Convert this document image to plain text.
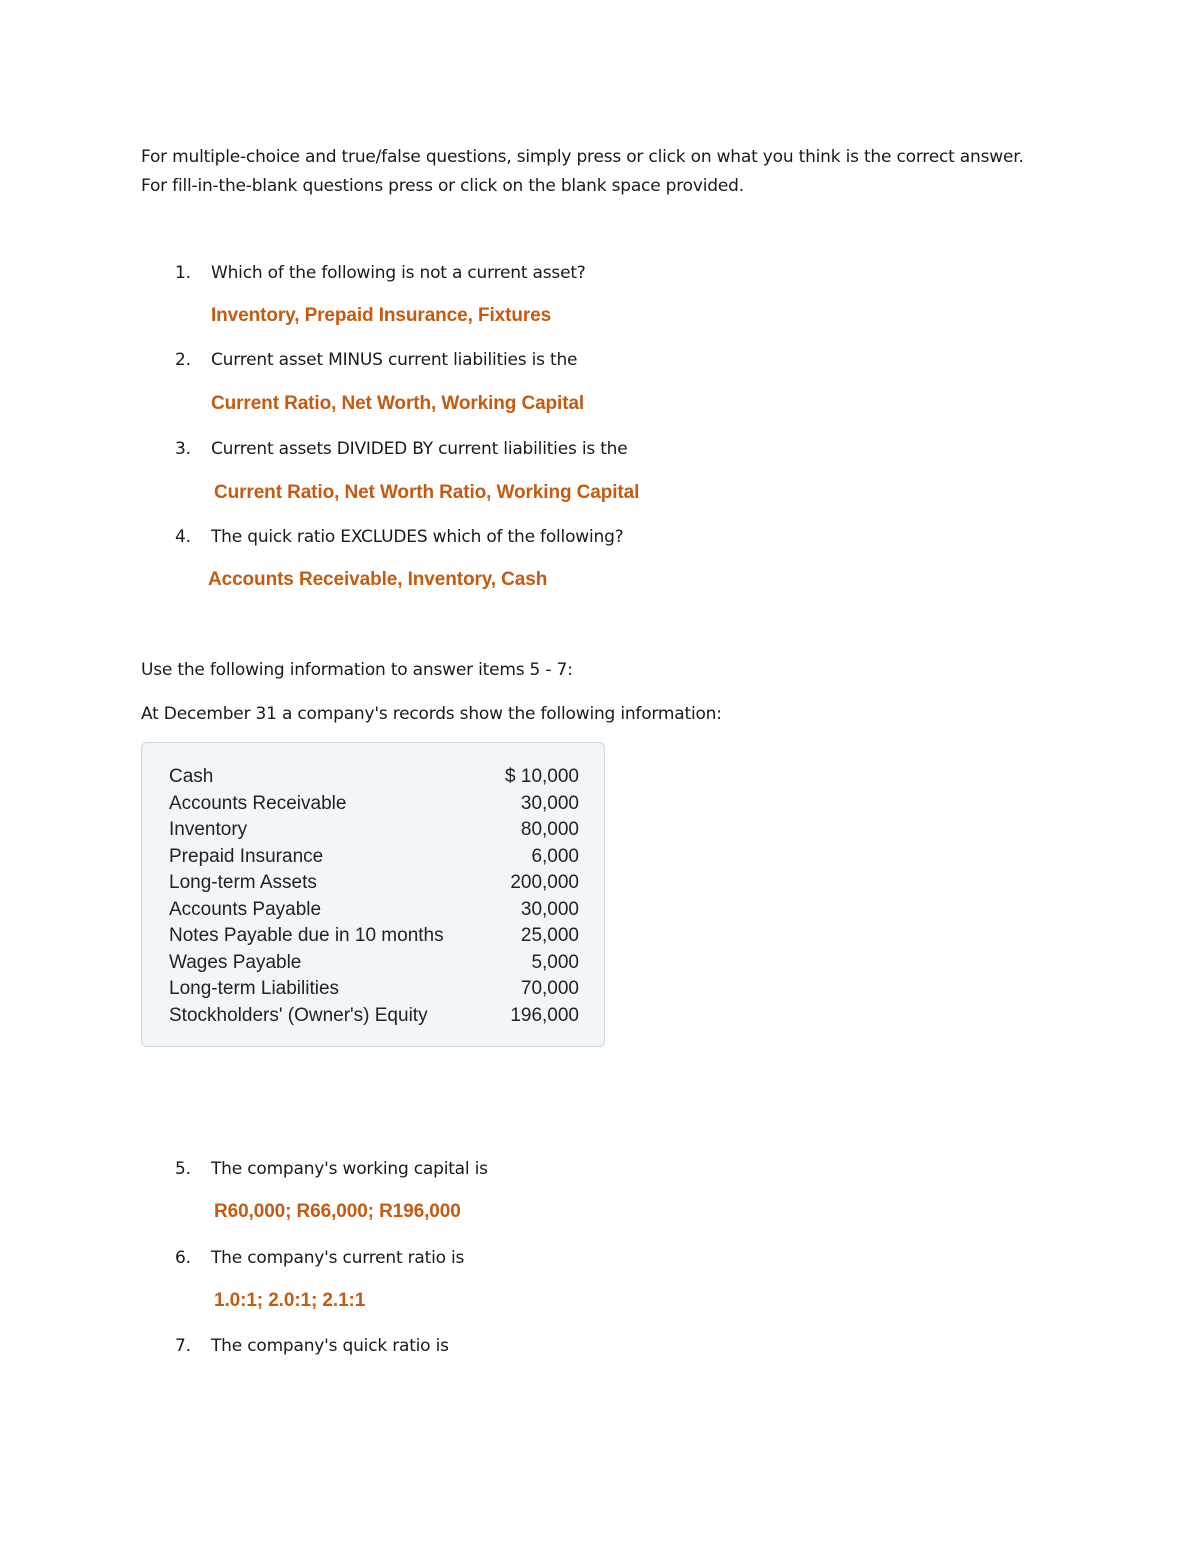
For multiple-choice and true/false questions, simply press or click on what you think is the correct answer. For fill-in-the-blank questions press or click on the blank space provided.
1. Which of the following is not a current asset?
Inventory, Prepaid Insurance, Fixtures
2. Current asset MINUS current liabilities is the
Current Ratio, Net Worth, Working Capital
3. Current assets DIVIDED BY current liabilities is the
Current Ratio, Net Worth Ratio, Working Capital
4. The quick ratio EXCLUDES which of the following?
Accounts Receivable, Inventory, Cash
Use the following information to answer items 5 - 7:
At December 31 a company's records show the following information:
Cash	$ 10,000
Accounts Receivable	30,000
Inventory	80,000
Prepaid Insurance	6,000
Long-term Assets	200,000
Accounts Payable	30,000
Notes Payable due in 10 months	25,000
Wages Payable	5,000
Long-term Liabilities	70,000
Stockholders' (Owner's) Equity	196,000
5. The company's working capital is
R60,000; R66,000; R196,000
6. The company's current ratio is
1.0:1; 2.0:1; 2.1:1
7. The company's quick ratio is
